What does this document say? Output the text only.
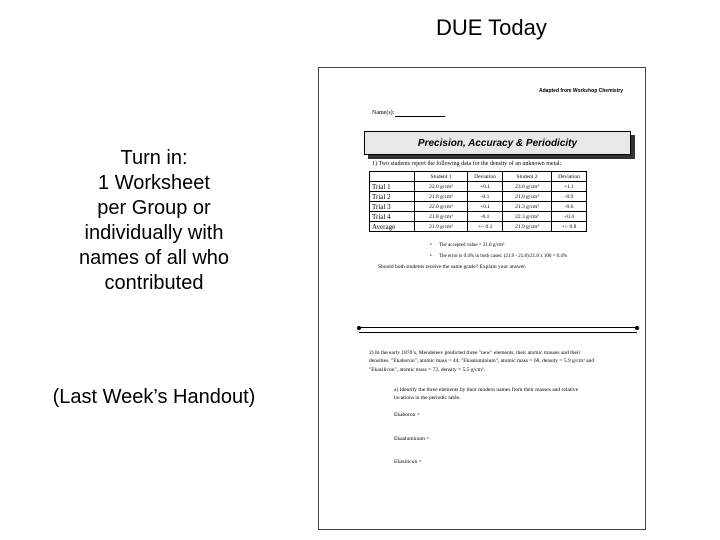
DUE Today
Turn in:
1 Worksheet
per Group or
individually with
names of all who
contributed
(Last Week’s Handout)
Adapted from Workshop Chemistry
Name(s):
Precision, Accuracy & Periodicity
1) Two students report the following data for the density of an unknown metal:
	Student 1	Deviation	Student 2	Deviation
Trial 1	22.0 g/cm³	+0.1	23.0 g/cm³	+1.1
Trial 2	21.8 g/cm³	-0.1	21.0 g/cm³	-0.9
Trial 3	22.0 g/cm³	+0.1	21.3 g/cm³	-0.6
Trial 4	21.8 g/cm³	-0.1	22.3 g/cm³	+0.4
Average	21.9 g/cm³	+/- 0.1	21.9 g/cm³	+/- 0.8
• The accepted value = 21.8 g/cm³
• The error is 0.4% in both cases: (21.9 - 21.8)/21.8 x 100 = 0.4%
Should both students receive the same grade? Explain your answer.
2) In the early 1870’s, Mendeleev predicted three "new" elements, their atomic masses and their densities. "Ekaboron", atomic mass = 44, "Ekaaluminium", atomic mass = 68, density = 5.9 g/cm³ and "Ekasilicon", atomic mass = 72, density = 5.5 g/cm³.
a) Identify the three elements by their modern names from their masses and relative locations in the periodic table.
Ekaboron =
Ekaaluminum =
Ekasilicon =
